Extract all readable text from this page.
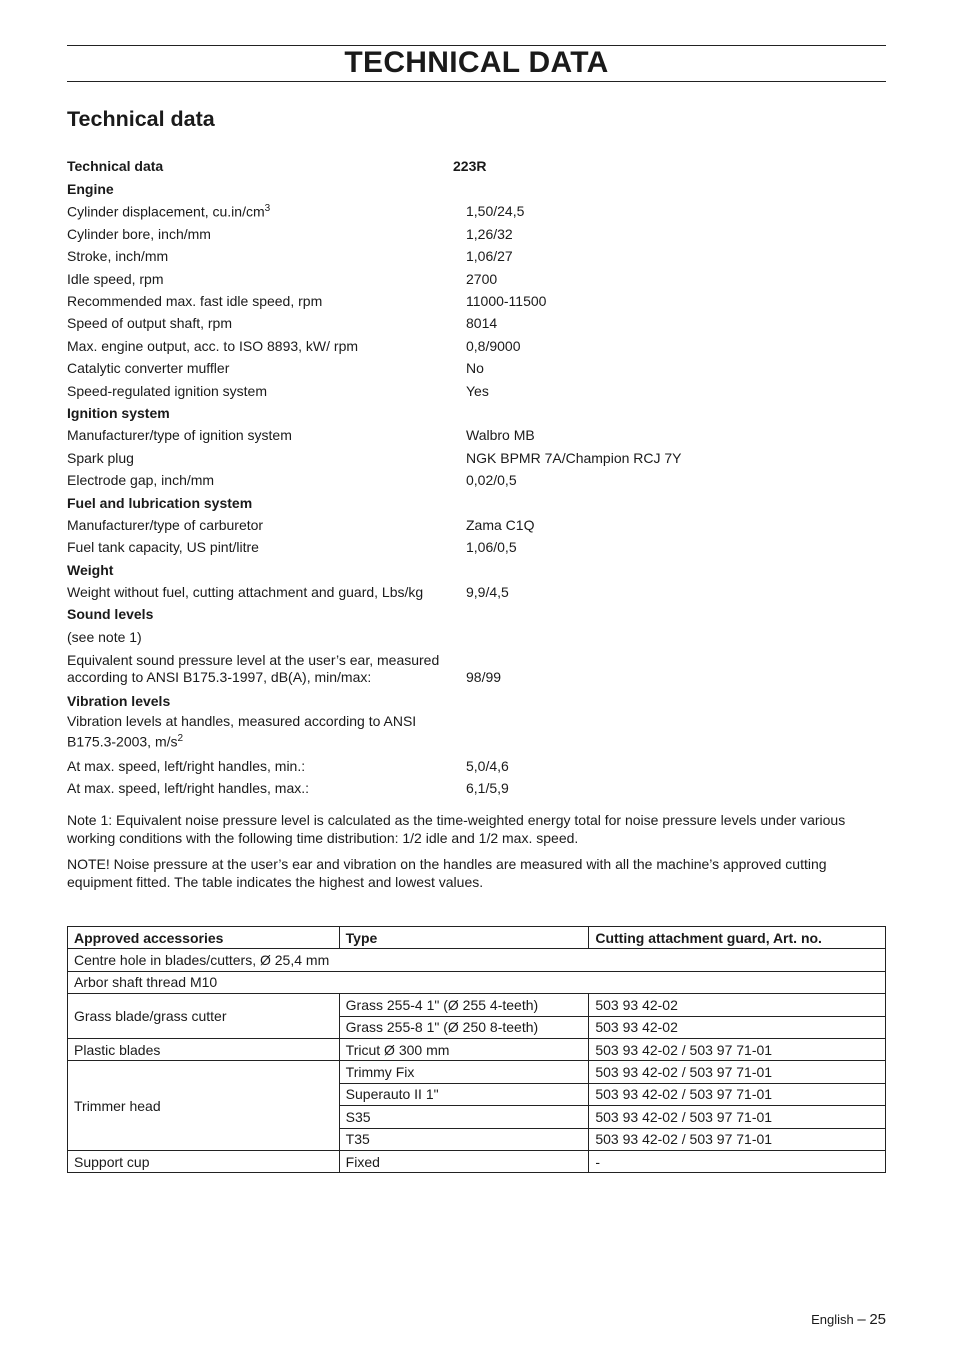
TECHNICAL DATA
Technical data
Technical data	223R
Engine
Cylinder displacement, $cu.in/cm^3$	1,50/24,5
Cylinder bore, inch/mm	1,26/32
Stroke, inch/mm	1,06/27
Idle speed, rpm	2700
Recommended max. fast idle speed, rpm	11000-11500
Speed of output shaft, rpm	8014
Max. engine output, acc. to ISO 8893, kW/ rpm	0,8/9000
Catalytic converter muffler	No
Speed-regulated ignition system	Yes
Ignition system
Manufacturer/type of ignition system	Walbro MB
Spark plug	NGK BPMR 7A/Champion RCJ 7Y
Electrode gap, inch/mm	0,02/0,5
Fuel and lubrication system
Manufacturer/type of carburetor	Zama C1Q
Fuel tank capacity, US pint/litre	1,06/0,5
Weight
Weight without fuel, cutting attachment and guard, Lbs/kg	9,9/4,5
Sound levels
(see note 1)
Equivalent sound pressure level at the user’s ear, measured
according to ANSI B175.3-1997, dB(A), min/max:	98/99
Vibration levels
Vibration levels at handles, measured according to ANSI
B175.3-2003, $m/s^2$
At max. speed, left/right handles, min.:	5,0/4,6
At max. speed, left/right handles, max.:	6,1/5,9

Note 1: Equivalent noise pressure level is calculated as the time-weighted energy total for noise pressure levels under various working conditions with the following time distribution: 1/2 idle and 1/2 max. speed.

NOTE! Noise pressure at the user’s ear and vibration on the handles are measured with all the machine’s approved cutting equipment fitted. The table indicates the highest and lowest values.

Approved accessories	Type	Cutting attachment guard, Art. no.
Centre hole in blades/cutters, Ø 25,4 mm		
Arbor shaft thread M10		
Grass blade/grass cutter	Grass 255-4 1" (Ø 255 4-teeth)	503 93 42-02
	Grass 255-8 1" (Ø 250 8-teeth)	503 93 42-02
Plastic blades	Tricut Ø 300 mm	503 93 42-02 / 503 97 71-01
Trimmer head	Trimmy Fix	503 93 42-02 / 503 97 71-01
	Superauto II 1"	503 93 42-02 / 503 97 71-01
	S35	503 93 42-02 / 503 97 71-01
	T35	503 93 42-02 / 503 97 71-01
Support cup	Fixed	-
English – 25
